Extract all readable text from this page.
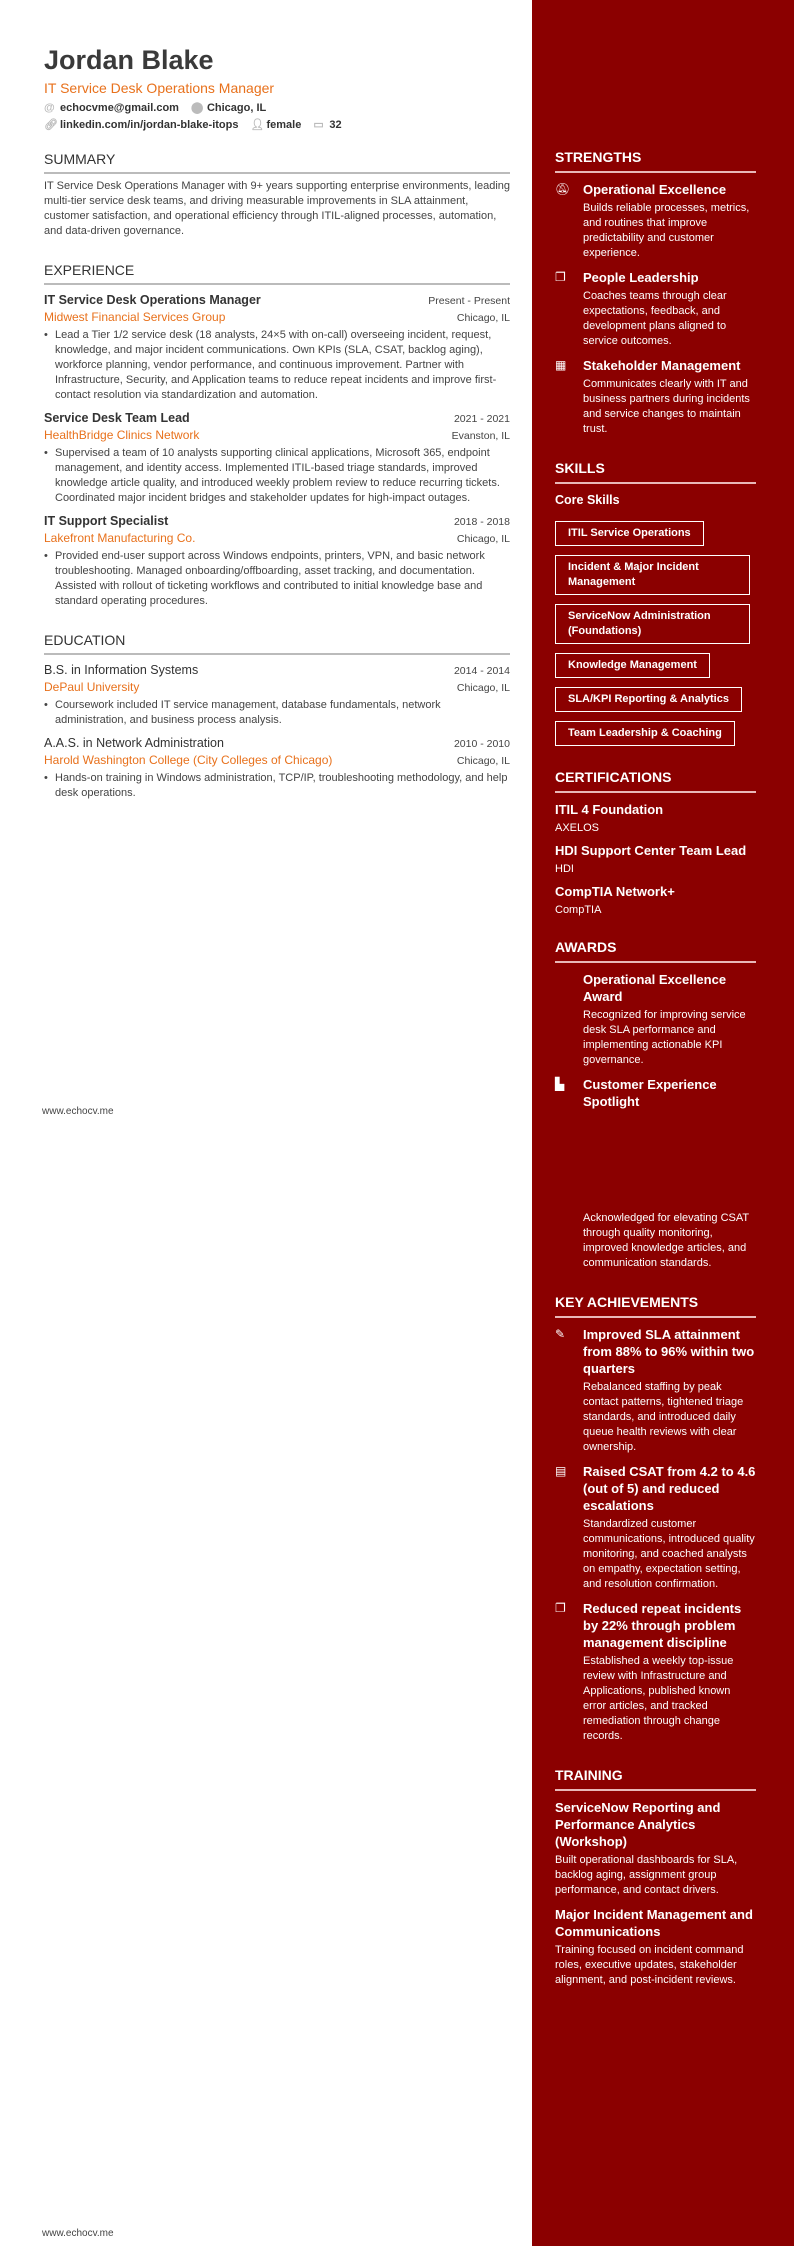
Jordan Blake
IT Service Desk Operations Manager
@ echocvme@gmail.com ⬤ Chicago, IL
🔗︎ linkedin.com/in/jordan-blake-itops 👤︎ female ▭ 32
SUMMARY
IT Service Desk Operations Manager with 9+ years supporting enterprise environments, leading multi-tier service desk teams, and driving measurable improvements in SLA attainment, customer satisfaction, and operational efficiency through ITIL-aligned processes, automation, and data-driven governance.
EXPERIENCE
IT Service Desk Operations Manager	Present - Present
Midwest Financial Services Group	Chicago, IL
• Lead a Tier 1/2 service desk (18 analysts, 24×5 with on-call) overseeing incident, request, knowledge, and major incident communications. Own KPIs (SLA, CSAT, backlog aging), workforce planning, vendor performance, and continuous improvement. Partner with Infrastructure, Security, and Application teams to reduce repeat incidents and improve first-contact resolution via standardization and automation.
Service Desk Team Lead	2021 - 2021
HealthBridge Clinics Network	Evanston, IL
• Supervised a team of 10 analysts supporting clinical applications, Microsoft 365, endpoint management, and identity access. Implemented ITIL-based triage standards, improved knowledge article quality, and introduced weekly problem review to reduce recurring tickets. Coordinated major incident bridges and stakeholder updates for high-impact outages.
IT Support Specialist	2018 - 2018
Lakefront Manufacturing Co.	Chicago, IL
• Provided end-user support across Windows endpoints, printers, VPN, and basic network troubleshooting. Managed onboarding/offboarding, asset tracking, and documentation. Assisted with rollout of ticketing workflows and contributed to initial knowledge base and standard operating procedures.
EDUCATION
B.S. in Information Systems	2014 - 2014
DePaul University	Chicago, IL
• Coursework included IT service management, database fundamentals, network administration, and business process analysis.
A.A.S. in Network Administration	2010 - 2010
Harold Washington College (City Colleges of Chicago)	Chicago, IL
• Hands-on training in Windows administration, TCP/IP, troubleshooting methodology, and help desk operations.
www.echocv.me
www.echocv.me
STRENGTHS
🔕︎ Operational Excellence
Builds reliable processes, metrics, and routines that improve predictability and customer experience.
❐	People Leadership
Coaches teams through clear expectations, feedback, and development plans aligned to service outcomes.
▦	Stakeholder Management
Communicates clearly with IT and business partners during incidents and service changes to maintain trust.
SKILLS
Core Skills
ITIL Service Operations
Incident & Major Incident Management
ServiceNow Administration (Foundations)
Knowledge Management
SLA/KPI Reporting & Analytics
Team Leadership & Coaching
CERTIFICATIONS
ITIL 4 Foundation
AXELOS
HDI Support Center Team Lead
HDI
CompTIA Network+
CompTIA
AWARDS
Operational Excellence Award
Recognized for improving service desk SLA performance and implementing actionable KPI governance.
▙	Customer Experience Spotlight
Acknowledged for elevating CSAT through quality monitoring, improved knowledge articles, and communication standards.
KEY ACHIEVEMENTS
✎	Improved SLA attainment from 88% to 96% within two quarters
Rebalanced staffing by peak contact patterns, tightened triage standards, and introduced daily queue health reviews with clear ownership.
▤	Raised CSAT from 4.2 to 4.6 (out of 5) and reduced escalations
Standardized customer communications, introduced quality monitoring, and coached analysts on empathy, expectation setting, and resolution confirmation.
❐	Reduced repeat incidents by 22% through problem management discipline
Established a weekly top-issue review with Infrastructure and Applications, published known error articles, and tracked remediation through change records.
TRAINING
ServiceNow Reporting and Performance Analytics (Workshop)
Built operational dashboards for SLA, backlog aging, assignment group performance, and contact drivers.
Major Incident Management and Communications
Training focused on incident command roles, executive updates, stakeholder alignment, and post-incident reviews.
